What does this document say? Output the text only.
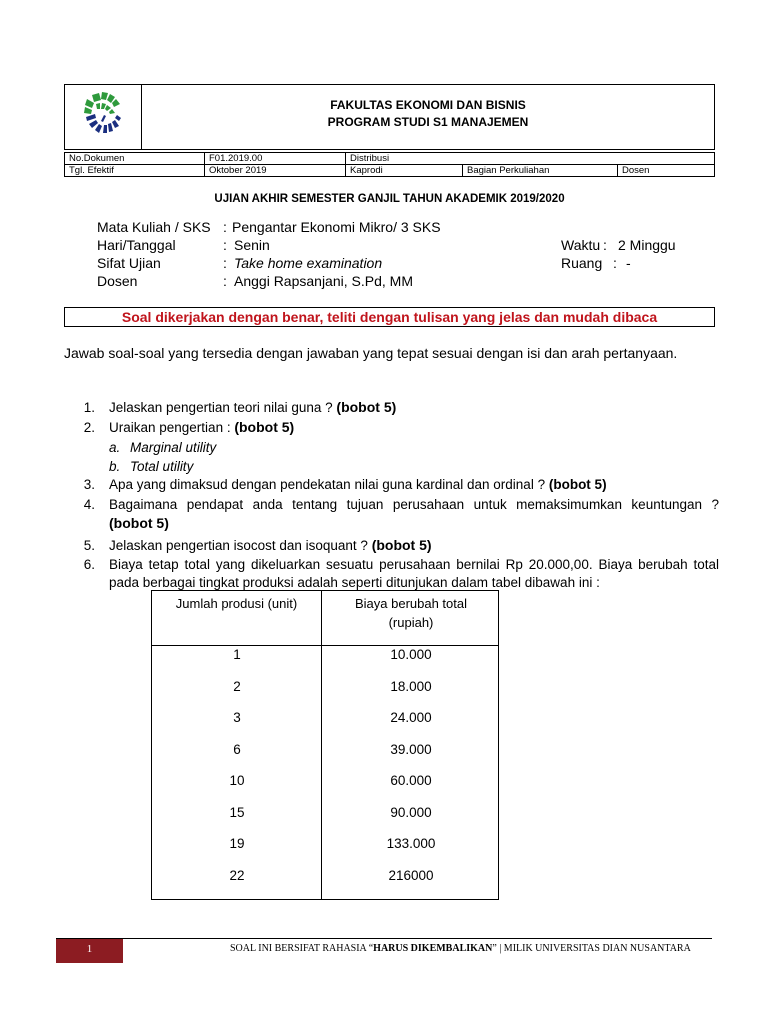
FAKULTAS EKONOMI DAN BISNIS
PROGRAM STUDI S1 MANAJEMEN
No.Dokumen	F01.2019.00	Distribusi		
Tgl. Efektif	Oktober 2019	Kaprodi	Bagian Perkuliahan	Dosen
UJIAN AKHIR SEMESTER GANJIL TAHUN AKADEMIK 2019/2020
Mata Kuliah / SKS : Pengantar Ekonomi Mikro/ 3 SKS
Hari/Tanggal	: Senin
Sifat Ujian	: Take home examination
Dosen	: Anggi Rapsanjani, S.Pd, MM
Waktu : 2 Minggu
Ruang : -
Soal dikerjakan dengan benar, teliti dengan tulisan yang jelas dan mudah dibaca
Jawab soal-soal yang tersedia dengan jawaban yang tepat sesuai dengan isi dan arah pertanyaan.
1. Jelaskan pengertian teori nilai guna ? (bobot 5)
2. Uraikan pengertian : (bobot 5)
a. Marginal utility
b. Total utility
3. Apa yang dimaksud dengan pendekatan nilai guna kardinal dan ordinal ? (bobot 5)
4. Bagaimana pendapat anda tentang tujuan perusahaan untuk memaksimumkan keuntungan ?
(bobot 5)
5. Jelaskan pengertian isocost dan isoquant ? (bobot 5)
6. Biaya tetap total yang dikeluarkan sesuatu perusahaan bernilai Rp 20.000,00. Biaya berubah total
pada berbagai tingkat produksi adalah seperti ditunjukan dalam tabel dibawah ini :
Jumlah produsi (unit)	Biaya berubah total
(rupiah)
1	10.000
2	18.000
3	24.000
6	39.000
10	60.000
15	90.000
19	133.000
22	216000
1	SOAL INI BERSIFAT RAHASIA “HARUS DIKEMBALIKAN” | MILIK UNIVERSITAS DIAN NUSANTARA
